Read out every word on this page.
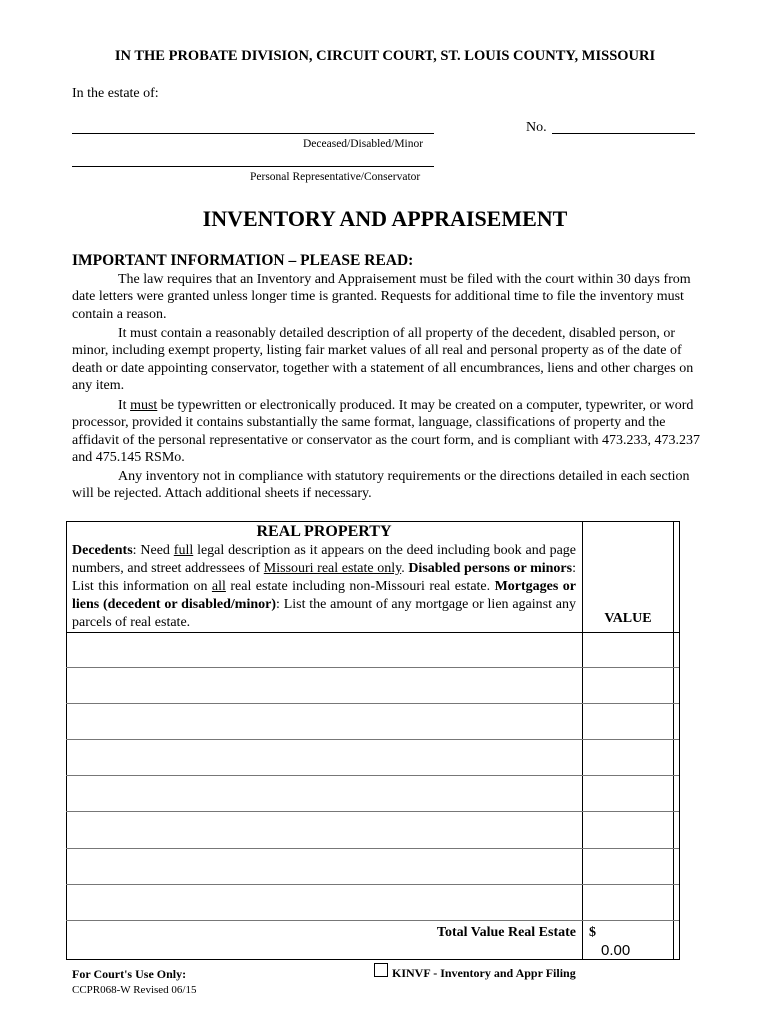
IN THE PROBATE DIVISION, CIRCUIT COURT, ST. LOUIS COUNTY, MISSOURI
In the estate of:
Deceased/Disabled/Minor
Personal Representative/Conservator
No.
INVENTORY AND APPRAISEMENT
IMPORTANT INFORMATION – PLEASE READ:
The law requires that an Inventory and Appraisement must be filed with the court within 30 days from date letters were granted unless longer time is granted. Requests for additional time to file the inventory must contain a reason.
It must contain a reasonably detailed description of all property of the decedent, disabled person, or minor, including exempt property, listing fair market values of all real and personal property as of the date of death or date appointing conservator, together with a statement of all encumbrances, liens and other charges on any item.
It must be typewritten or electronically produced. It may be created on a computer, typewriter, or word processor, provided it contains substantially the same format, language, classifications of property and the affidavit of the personal representative or conservator as the court form, and is compliant with 473.233, 473.237 and 475.145 RSMo.
Any inventory not in compliance with statutory requirements or the directions detailed in each section will be rejected. Attach additional sheets if necessary.
REAL PROPERTY
Decedents: Need full legal description as it appears on the deed including book and page numbers, and street addressees of Missouri real estate only. Disabled persons or minors: List this information on all real estate including non-Missouri real estate. Mortgages or liens (decedent or disabled/minor): List the amount of any mortgage or lien against any parcels of real estate.	VALUE
Total Value Real Estate $
0.00
For Court's Use Only:
CCPR068-W Revised 06/15
KINVF - Inventory and Appr Filing
